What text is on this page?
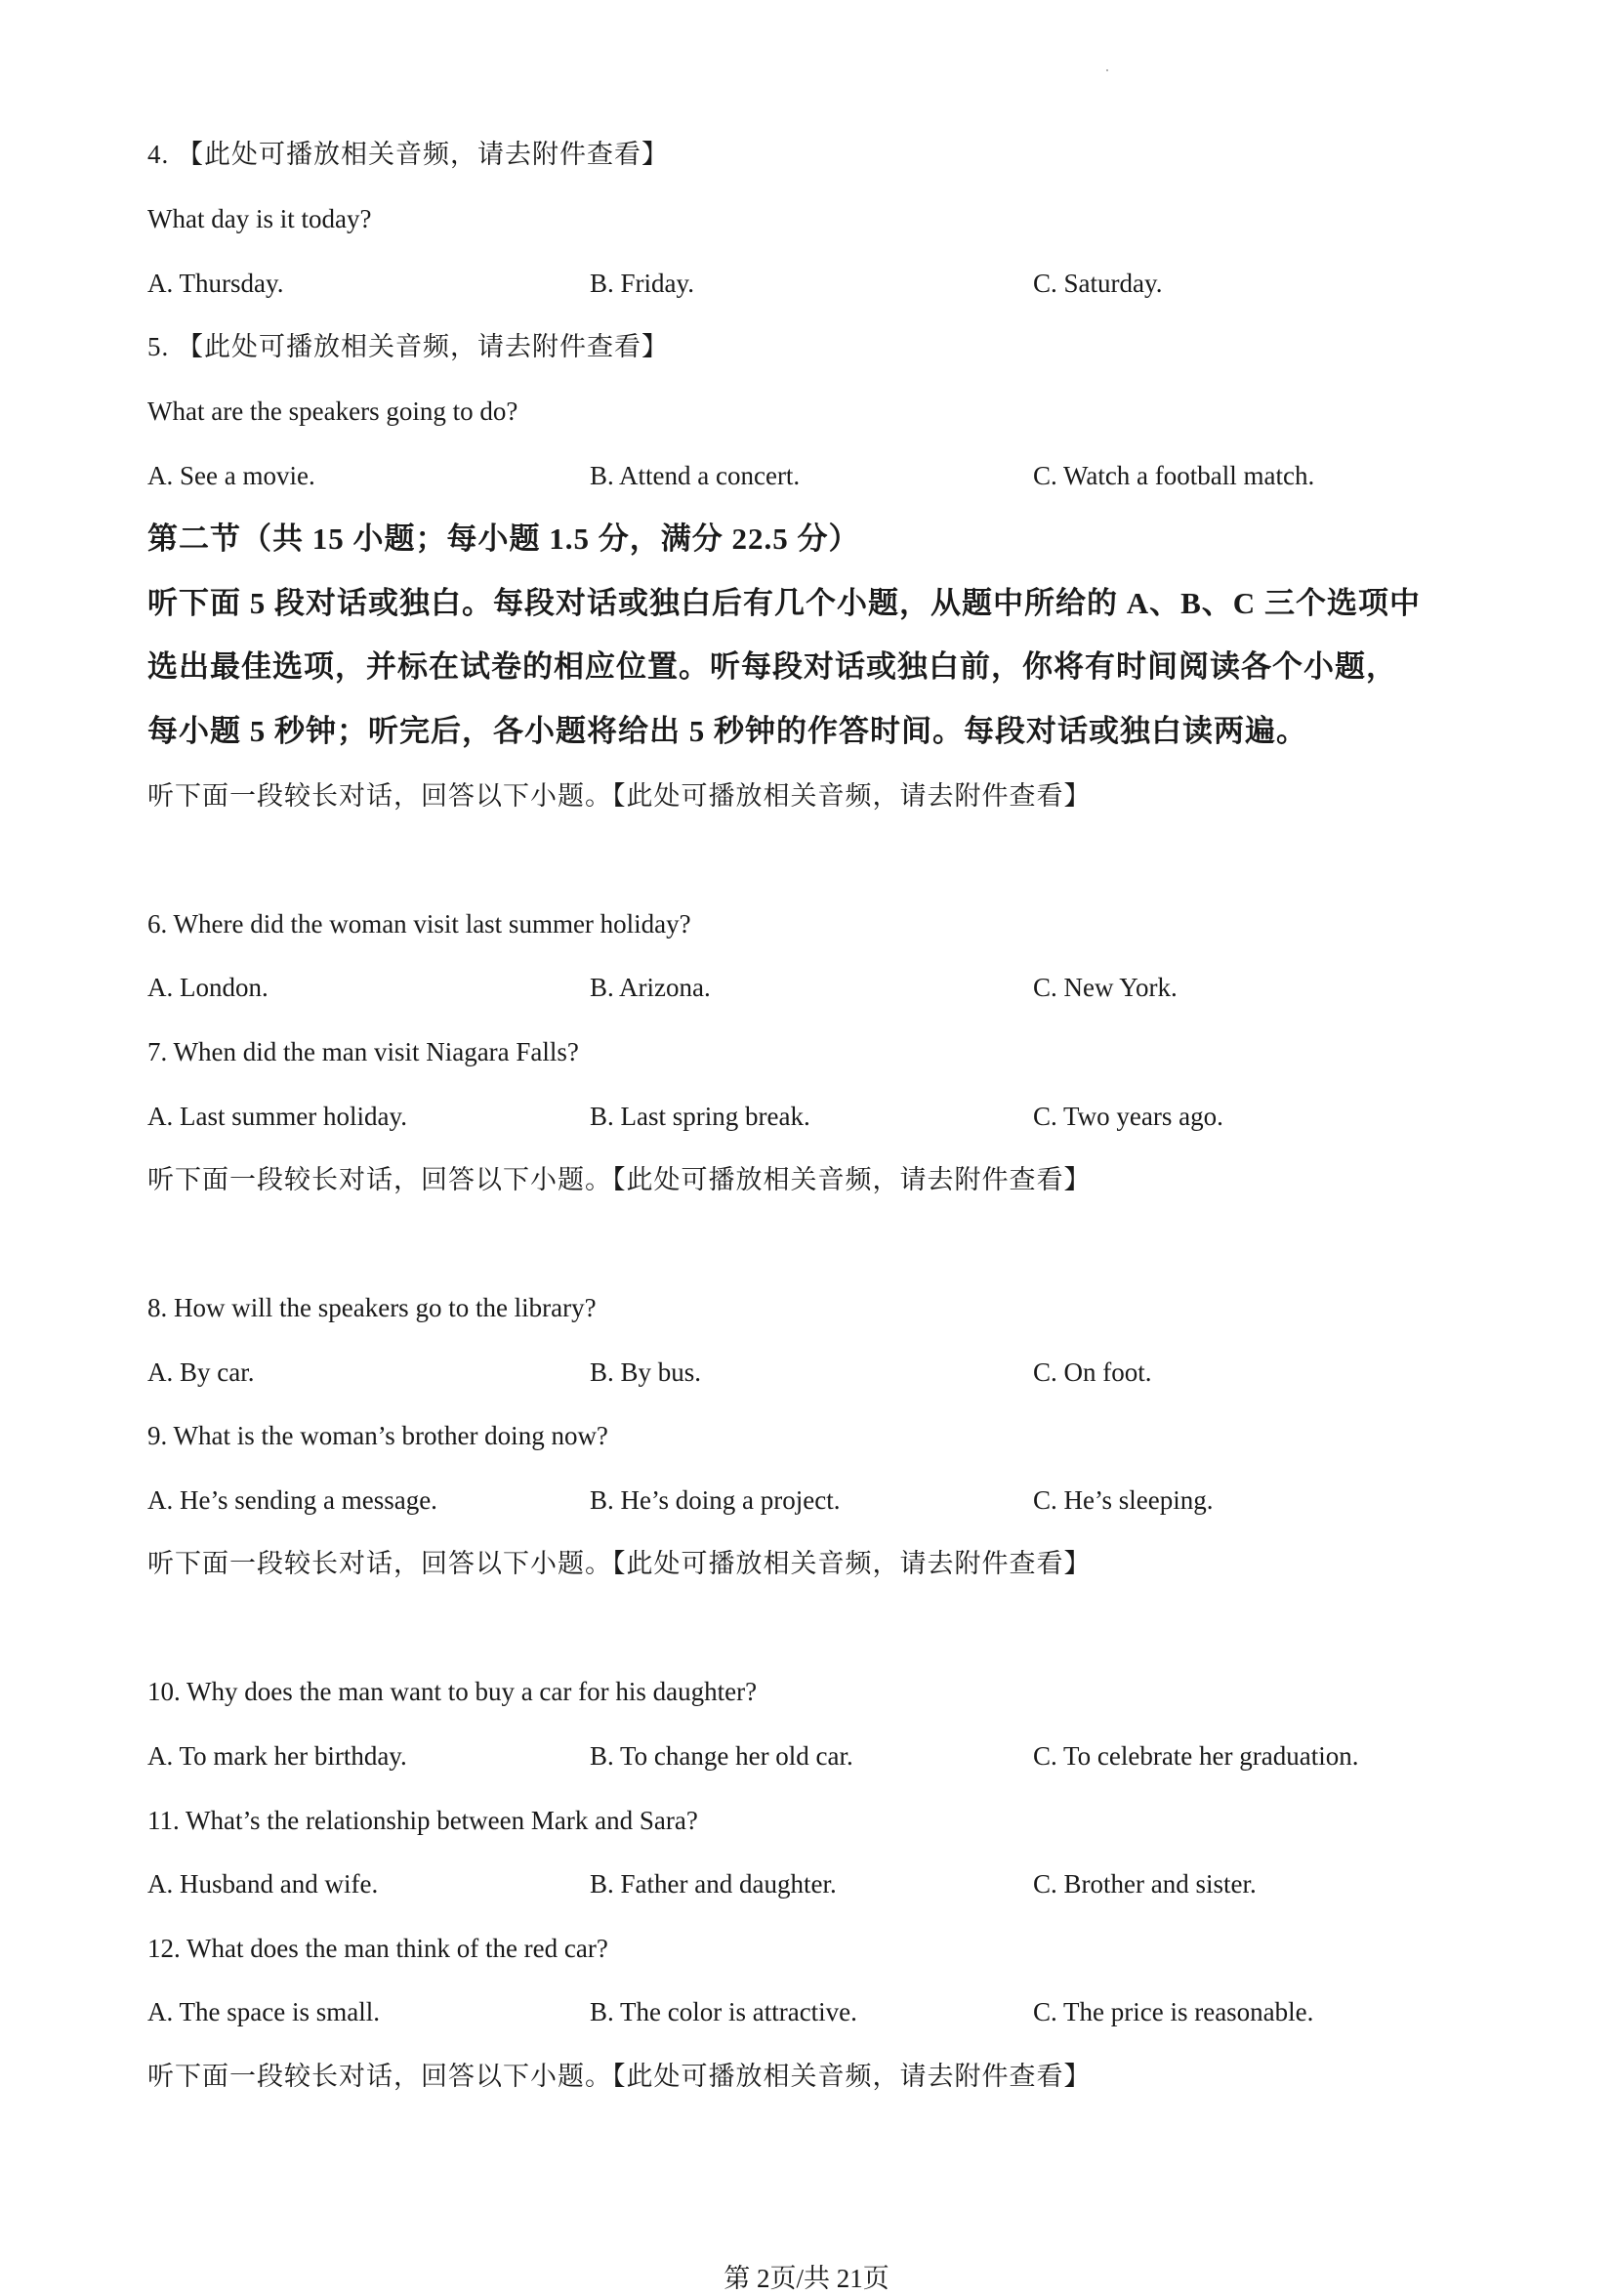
4. 【此处可播放相关音频，请去附件查看】
What day is it today?
A. Thursday.	B. Friday.	C. Saturday.
5. 【此处可播放相关音频，请去附件查看】
What are the speakers going to do?
A. See a movie.	B. Attend a concert.	C. Watch a football match.
第二节（共 15 小题；每小题 1.5 分，满分 22.5 分）
听下面 5 段对话或独白。每段对话或独白后有几个小题，从题中所给的 A、B、C 三个选项中
选出最佳选项，并标在试卷的相应位置。听每段对话或独白前，你将有时间阅读各个小题，
每小题 5 秒钟；听完后，各小题将给出 5 秒钟的作答时间。每段对话或独白读两遍。
听下面一段较长对话，回答以下小题。【此处可播放相关音频，请去附件查看】
6. Where did the woman visit last summer holiday?
A. London.	B. Arizona.	C. New York.
7. When did the man visit Niagara Falls?
A. Last summer holiday.	B. Last spring break.	C. Two years ago.
听下面一段较长对话，回答以下小题。【此处可播放相关音频，请去附件查看】
8. How will the speakers go to the library?
A. By car.	B. By bus.	C. On foot.
9. What is the woman’s brother doing now?
A. He’s sending a message.	B. He’s doing a project.	C. He’s sleeping.
听下面一段较长对话，回答以下小题。【此处可播放相关音频，请去附件查看】
10. Why does the man want to buy a car for his daughter?
A. To mark her birthday.	B. To change her old car.	C. To celebrate her graduation.
11. What’s the relationship between Mark and Sara?
A. Husband and wife.	B. Father and daughter.	C. Brother and sister.
12. What does the man think of the red car?
A. The space is small.	B. The color is attractive.	C. The price is reasonable.
听下面一段较长对话，回答以下小题。【此处可播放相关音频，请去附件查看】
第 2页/共 21页
